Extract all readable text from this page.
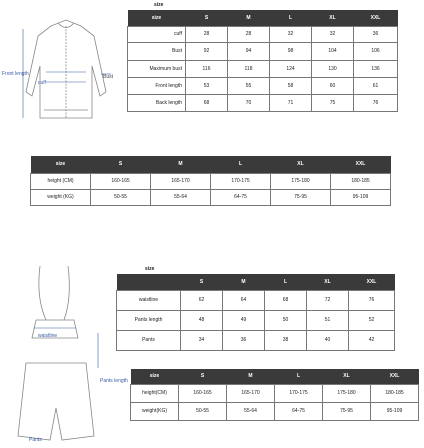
Front length
cuff
Bust
size
size	S	M	L	XL	XXL
cuff	28	28	32	32	36
Bust	92	94	98	104	106
Maximum bust	116	118	124	130	136
Front length	53	55	58	60	61
Back length	68	70	71	75	76
size	S	M	L	XL	XXL
height (CM)	160-165	165-170	170-175	175-180	180-185
weight (KG)	50-55	55-64	64-75	75-95	95-109
waistline
Pants length
Pants
size
	S	M	L	XL	XXL
waistline	62	64	68	72	76
Pants length	48	49	50	51	52
Pants	34	36	38	40	42
size	S	M	L	XL	XXL
height(CM)	160-165	165-170	170-175	175-180	180-185
weight(KG)	50-55	55-64	64-75	75-95	95-109
